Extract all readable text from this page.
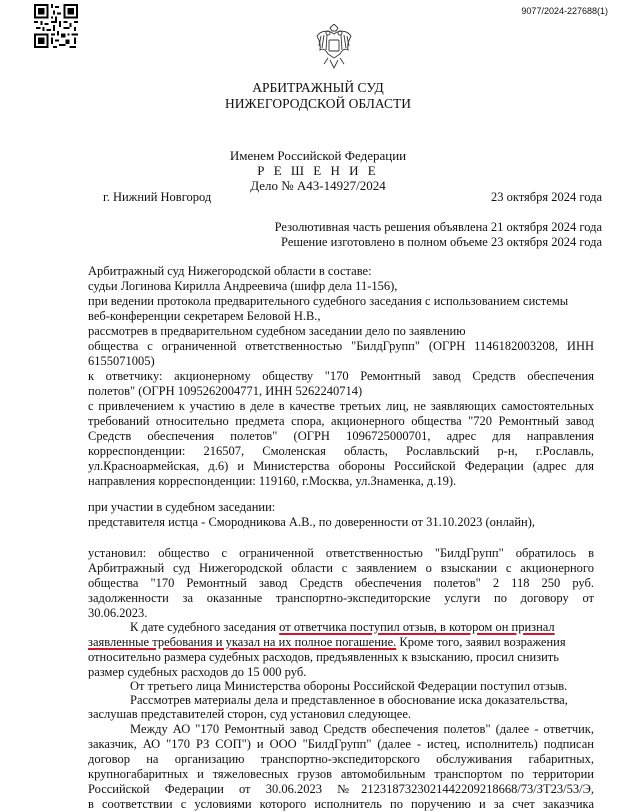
9077/2024-227688(1)
АРБИТРАЖНЫЙ СУД
НИЖЕГОРОДСКОЙ ОБЛАСТИ
Именем Российской Федерации
Р Е Ш Е Н И Е
Дело № А43-14927/2024
г. Нижний Новгород	23 октября 2024 года
Резолютивная часть решения объявлена 21 октября 2024 года
Решение изготовлено в полном объеме 23 октября 2024 года
Арбитражный суд Нижегородской области в составе:
судьи Логинова Кирилла Андреевича (шифр дела 11-156),
при ведении протокола предварительного судебного заседания с использованием системы
веб-конференции секретарем Беловой Н.В.,
рассмотрев в предварительном судебном заседании дело по заявлению
общества с ограниченной ответственностью "БилдГрупп" (ОГРН 1146182003208, ИНН
6155071005)
к ответчику: акционерному обществу "170 Ремонтный завод Средств обеспечения
полетов" (ОГРН 1095262004771, ИНН 5262240714)
с привлечением к участию в деле в качестве третьих лиц, не заявляющих самостоятельных
требований относительно предмета спора, акционерного общества "720 Ремонтный завод
Средств обеспечения полетов" (ОГРН 1096725000701, адрес для направления
корреспонденции: 216507, Смоленская область, Рославльский р-н, г.Рославль,
ул.Красноармейская, д.6) и Министерства обороны Российской Федерации (адрес для
направления корреспонденции: 119160, г.Москва, ул.Знаменка, д.19).
при участии в судебном заседании:
представителя истца - Смородникова А.В., по доверенности от 31.10.2023 (онлайн),
установил: общество с ограниченной ответственностью "БилдГрупп" обратилось в
Арбитражный суд Нижегородской области с заявлением о взыскании с акционерного
общества "170 Ремонтный завод Средств обеспечения полетов" 2 118 250 руб.
задолженности за оказанные транспортно-экспедиторские услуги по договору от
30.06.2023.
К дате судебного заседания от ответчика поступил отзыв, в котором он признал
заявленные требования и указал на их полное погашение. Кроме того, заявил возражения
относительно размера судебных расходов, предъявленных к взысканию, просил снизить
размер судебных расходов до 15 000 руб.
От третьего лица Министерства обороны Российской Федерации поступил отзыв.
Рассмотрев материалы дела и представленное в обоснование иска доказательства,
заслушав представителей сторон, суд установил следующее.
Между АО "170 Ремонтный завод Средств обеспечения полетов" (далее - ответчик,
заказчик, АО "170 РЗ СОП") и ООО "БилдГрупп" (далее - истец, исполнитель) подписан
договор на организацию транспортно-экспедиторского обслуживания габаритных,
крупногабаритных и тяжеловесных грузов автомобильным транспортом по территории
Российской Федерации от 30.06.2023 №2123187323021442209218668/73/ЗТ23/53/Э,
в соответствии с условиями которого исполнитель по поручению и за счет заказчика
